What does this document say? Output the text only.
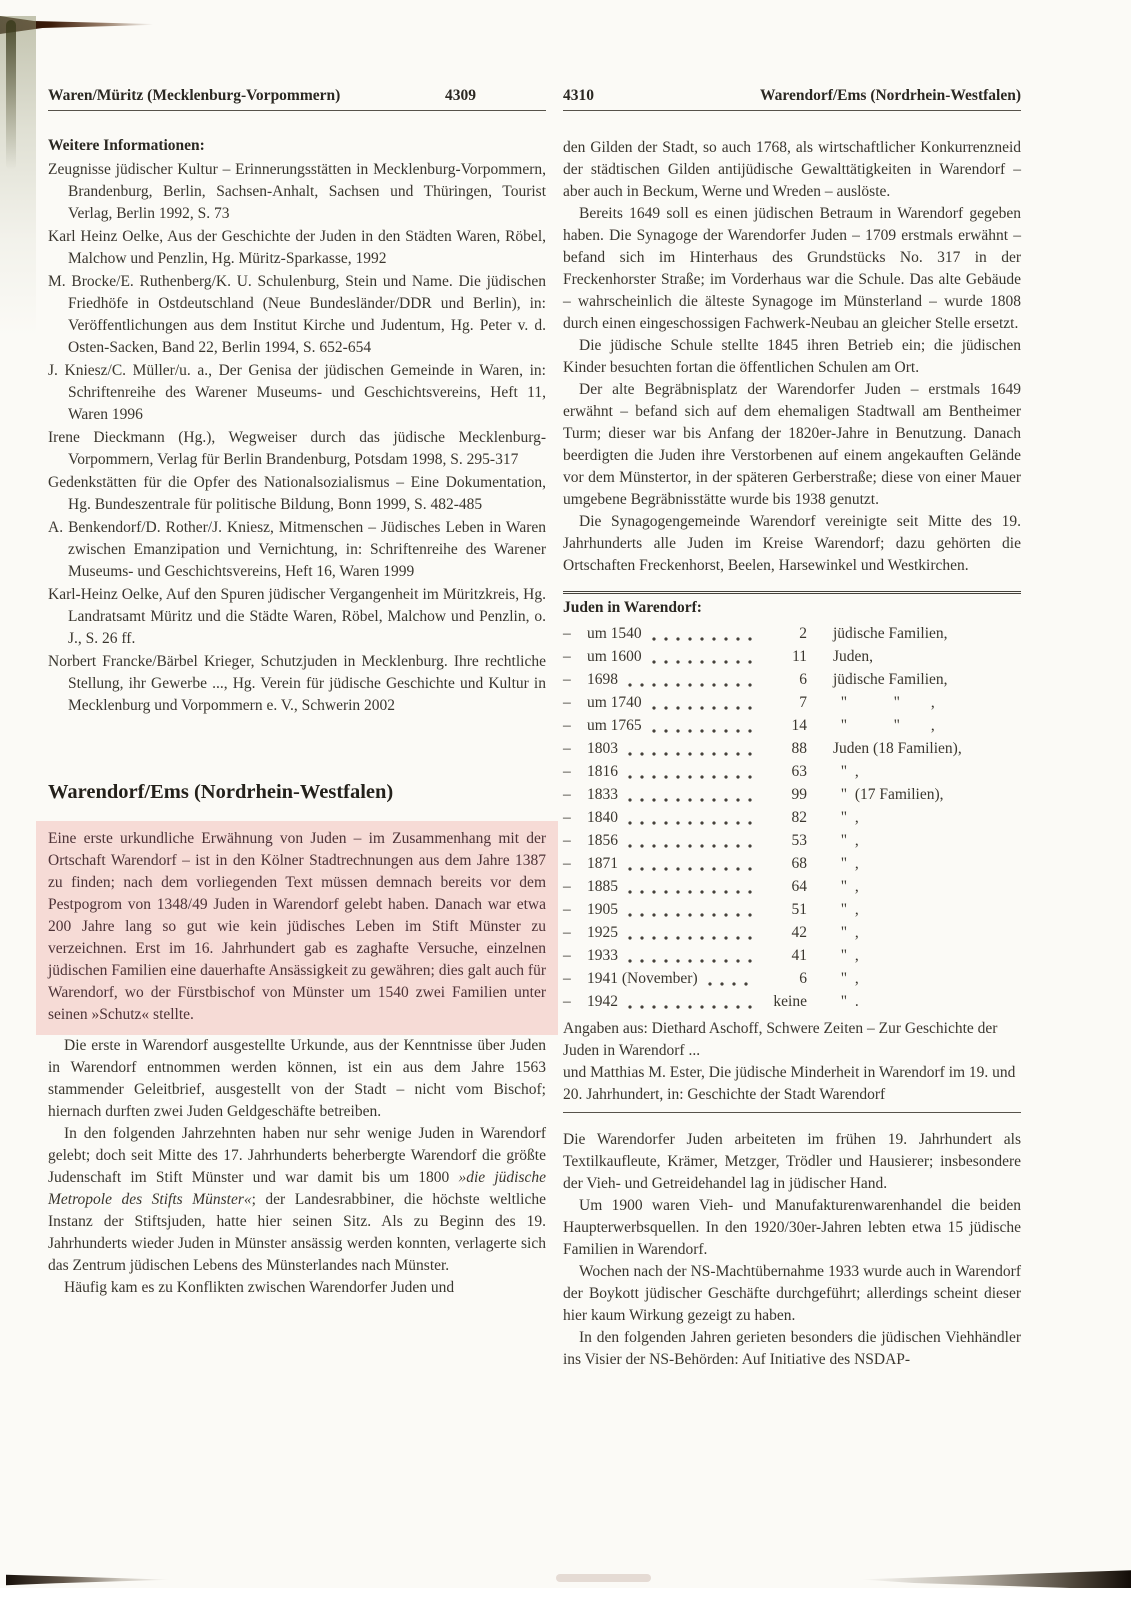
Waren/Müritz (Mecklenburg-Vorpommern)	4309
Weitere Informationen:
Zeugnisse jüdischer Kultur – Erinnerungsstätten in Mecklenburg-Vorpommern, Brandenburg, Berlin, Sachsen-Anhalt, Sachsen und Thüringen, Tourist Verlag, Berlin 1992, S. 73
Karl Heinz Oelke, Aus der Geschichte der Juden in den Städten Waren, Röbel, Malchow und Penzlin, Hg. Müritz-Sparkasse, 1992
M. Brocke/E. Ruthenberg/K. U. Schulenburg, Stein und Name. Die jüdischen Friedhöfe in Ostdeutschland (Neue Bundesländer/DDR und Berlin), in: Veröffentlichungen aus dem Institut Kirche und Judentum, Hg. Peter v. d. Osten-Sacken, Band 22, Berlin 1994, S. 652-654
J. Kniesz/C. Müller/u. a., Der Genisa der jüdischen Gemeinde in Waren, in: Schriftenreihe des Warener Museums- und Geschichtsvereins, Heft 11, Waren 1996
Irene Dieckmann (Hg.), Wegweiser durch das jüdische Mecklenburg-Vorpommern, Verlag für Berlin Brandenburg, Potsdam 1998, S. 295-317
Gedenkstätten für die Opfer des Nationalsozialismus – Eine Dokumentation, Hg. Bundeszentrale für politische Bildung, Bonn 1999, S. 482-485
A. Benkendorf/D. Rother/J. Kniesz, Mitmenschen – Jüdisches Leben in Waren zwischen Emanzipation und Vernichtung, in: Schriftenreihe des Warener Museums- und Geschichtsvereins, Heft 16, Waren 1999
Karl-Heinz Oelke, Auf den Spuren jüdischer Vergangenheit im Müritzkreis, Hg. Landratsamt Müritz und die Städte Waren, Röbel, Malchow und Penzlin, o. J., S. 26 ff.
Norbert Francke/Bärbel Krieger, Schutzjuden in Mecklenburg. Ihre rechtliche Stellung, ihr Gewerbe ..., Hg. Verein für jüdische Geschichte und Kultur in Mecklenburg und Vorpommern e. V., Schwerin 2002
Warendorf/Ems (Nordrhein-Westfalen)

Eine erste urkundliche Erwähnung von Juden – im Zusammenhang mit der Ortschaft Warendorf – ist in den Kölner Stadtrechnungen aus dem Jahre 1387 zu finden; nach dem vorliegenden Text müssen demnach bereits vor dem Pestpogrom von 1348/49 Juden in Warendorf gelebt haben. Danach war etwa 200 Jahre lang so gut wie kein jüdisches Leben im Stift Münster zu verzeichnen. Erst im 16. Jahrhundert gab es zaghafte Versuche, einzelnen jüdischen Familien eine dauerhafte Ansässigkeit zu gewähren; dies galt auch für Warendorf, wo der Fürstbischof von Münster um 1540 zwei Familien unter seinen »Schutz« stellte.

Die erste in Warendorf ausgestellte Urkunde, aus der Kenntnisse über Juden in Warendorf entnommen werden können, ist ein aus dem Jahre 1563 stammender Geleitbrief, ausgestellt von der Stadt – nicht vom Bischof; hiernach durften zwei Juden Geldgeschäfte betreiben.

In den folgenden Jahrzehnten haben nur sehr wenige Juden in Warendorf gelebt; doch seit Mitte des 17. Jahrhunderts beherbergte Warendorf die größte Judenschaft im Stift Münster und war damit bis um 1800 »die jüdische Metropole des Stifts Münster«; der Landesrabbiner, die höchste weltliche Instanz der Stiftsjuden, hatte hier seinen Sitz. Als zu Beginn des 19. Jahrhunderts wieder Juden in Münster ansässig werden konnten, verlagerte sich das Zentrum jüdischen Lebens des Münsterlandes nach Münster.

Häufig kam es zu Konflikten zwischen Warendorfer Juden und

4310	Warendorf/Ems (Nordrhein-Westfalen)

den Gilden der Stadt, so auch 1768, als wirtschaftlicher Konkurrenzneid der städtischen Gilden antijüdische Gewalttätigkeiten in Warendorf – aber auch in Beckum, Werne und Wreden – auslöste.

Bereits 1649 soll es einen jüdischen Betraum in Warendorf gegeben haben. Die Synagoge der Warendorfer Juden – 1709 erstmals erwähnt – befand sich im Hinterhaus des Grundstücks No. 317 in der Freckenhorster Straße; im Vorderhaus war die Schule. Das alte Gebäude – wahrscheinlich die älteste Synagoge im Münsterland – wurde 1808 durch einen eingeschossigen Fachwerk-Neubau an gleicher Stelle ersetzt.

Die jüdische Schule stellte 1845 ihren Betrieb ein; die jüdischen Kinder besuchten fortan die öffentlichen Schulen am Ort.

Der alte Begräbnisplatz der Warendorfer Juden – erstmals 1649 erwähnt – befand sich auf dem ehemaligen Stadtwall am Bentheimer Turm; dieser war bis Anfang der 1820er-Jahre in Benutzung. Danach beerdigten die Juden ihre Verstorbenen auf einem angekauften Gelände vor dem Münstertor, in der späteren Gerberstraße; diese von einer Mauer umgebene Begräbnisstätte wurde bis 1938 genutzt.

Die Synagogengemeinde Warendorf vereinigte seit Mitte des 19. Jahrhunderts alle Juden im Kreise Warendorf; dazu gehörten die Ortschaften Freckenhorst, Beelen, Harsewinkel und Westkirchen.

Juden in Warendorf:
–	um 1540	2	jüdische Familien,
–	um 1600	11	Juden,
–	1698	6	jüdische Familien,
–	um 1740	7	 "   "  ,
–	um 1765	14	 "   "  ,
–	1803	88	Juden (18 Familien),
–	1816	63	 " ,
–	1833	99	 " (17 Familien),
–	1840	82	 " ,
–	1856	53	 " ,
–	1871	68	 " ,
–	1885	64	 " ,
–	1905	51	 " ,
–	1925	42	 " ,
–	1933	41	 " ,
–	1941 (November)	6	 " ,
–	1942	keine	 " .

Angaben aus: Diethard Aschoff, Schwere Zeiten – Zur Geschichte der Juden in Warendorf ...

und Matthias M. Ester, Die jüdische Minderheit in Warendorf im 19. und 20. Jahrhundert, in: Geschichte der Stadt Warendorf

Die Warendorfer Juden arbeiteten im frühen 19. Jahrhundert als Textilkaufleute, Krämer, Metzger, Trödler und Hausierer; insbesondere der Vieh- und Getreidehandel lag in jüdischer Hand.

Um 1900 waren Vieh- und Manufakturenwarenhandel die beiden Haupterwerbsquellen. In den 1920/30er-Jahren lebten etwa 15 jüdische Familien in Warendorf.

Wochen nach der NS-Machtübernahme 1933 wurde auch in Warendorf der Boykott jüdischer Geschäfte durchgeführt; allerdings scheint dieser hier kaum Wirkung gezeigt zu haben.

In den folgenden Jahren gerieten besonders die jüdischen Viehhändler ins Visier der NS-Behörden: Auf Initiative des NSDAP-
